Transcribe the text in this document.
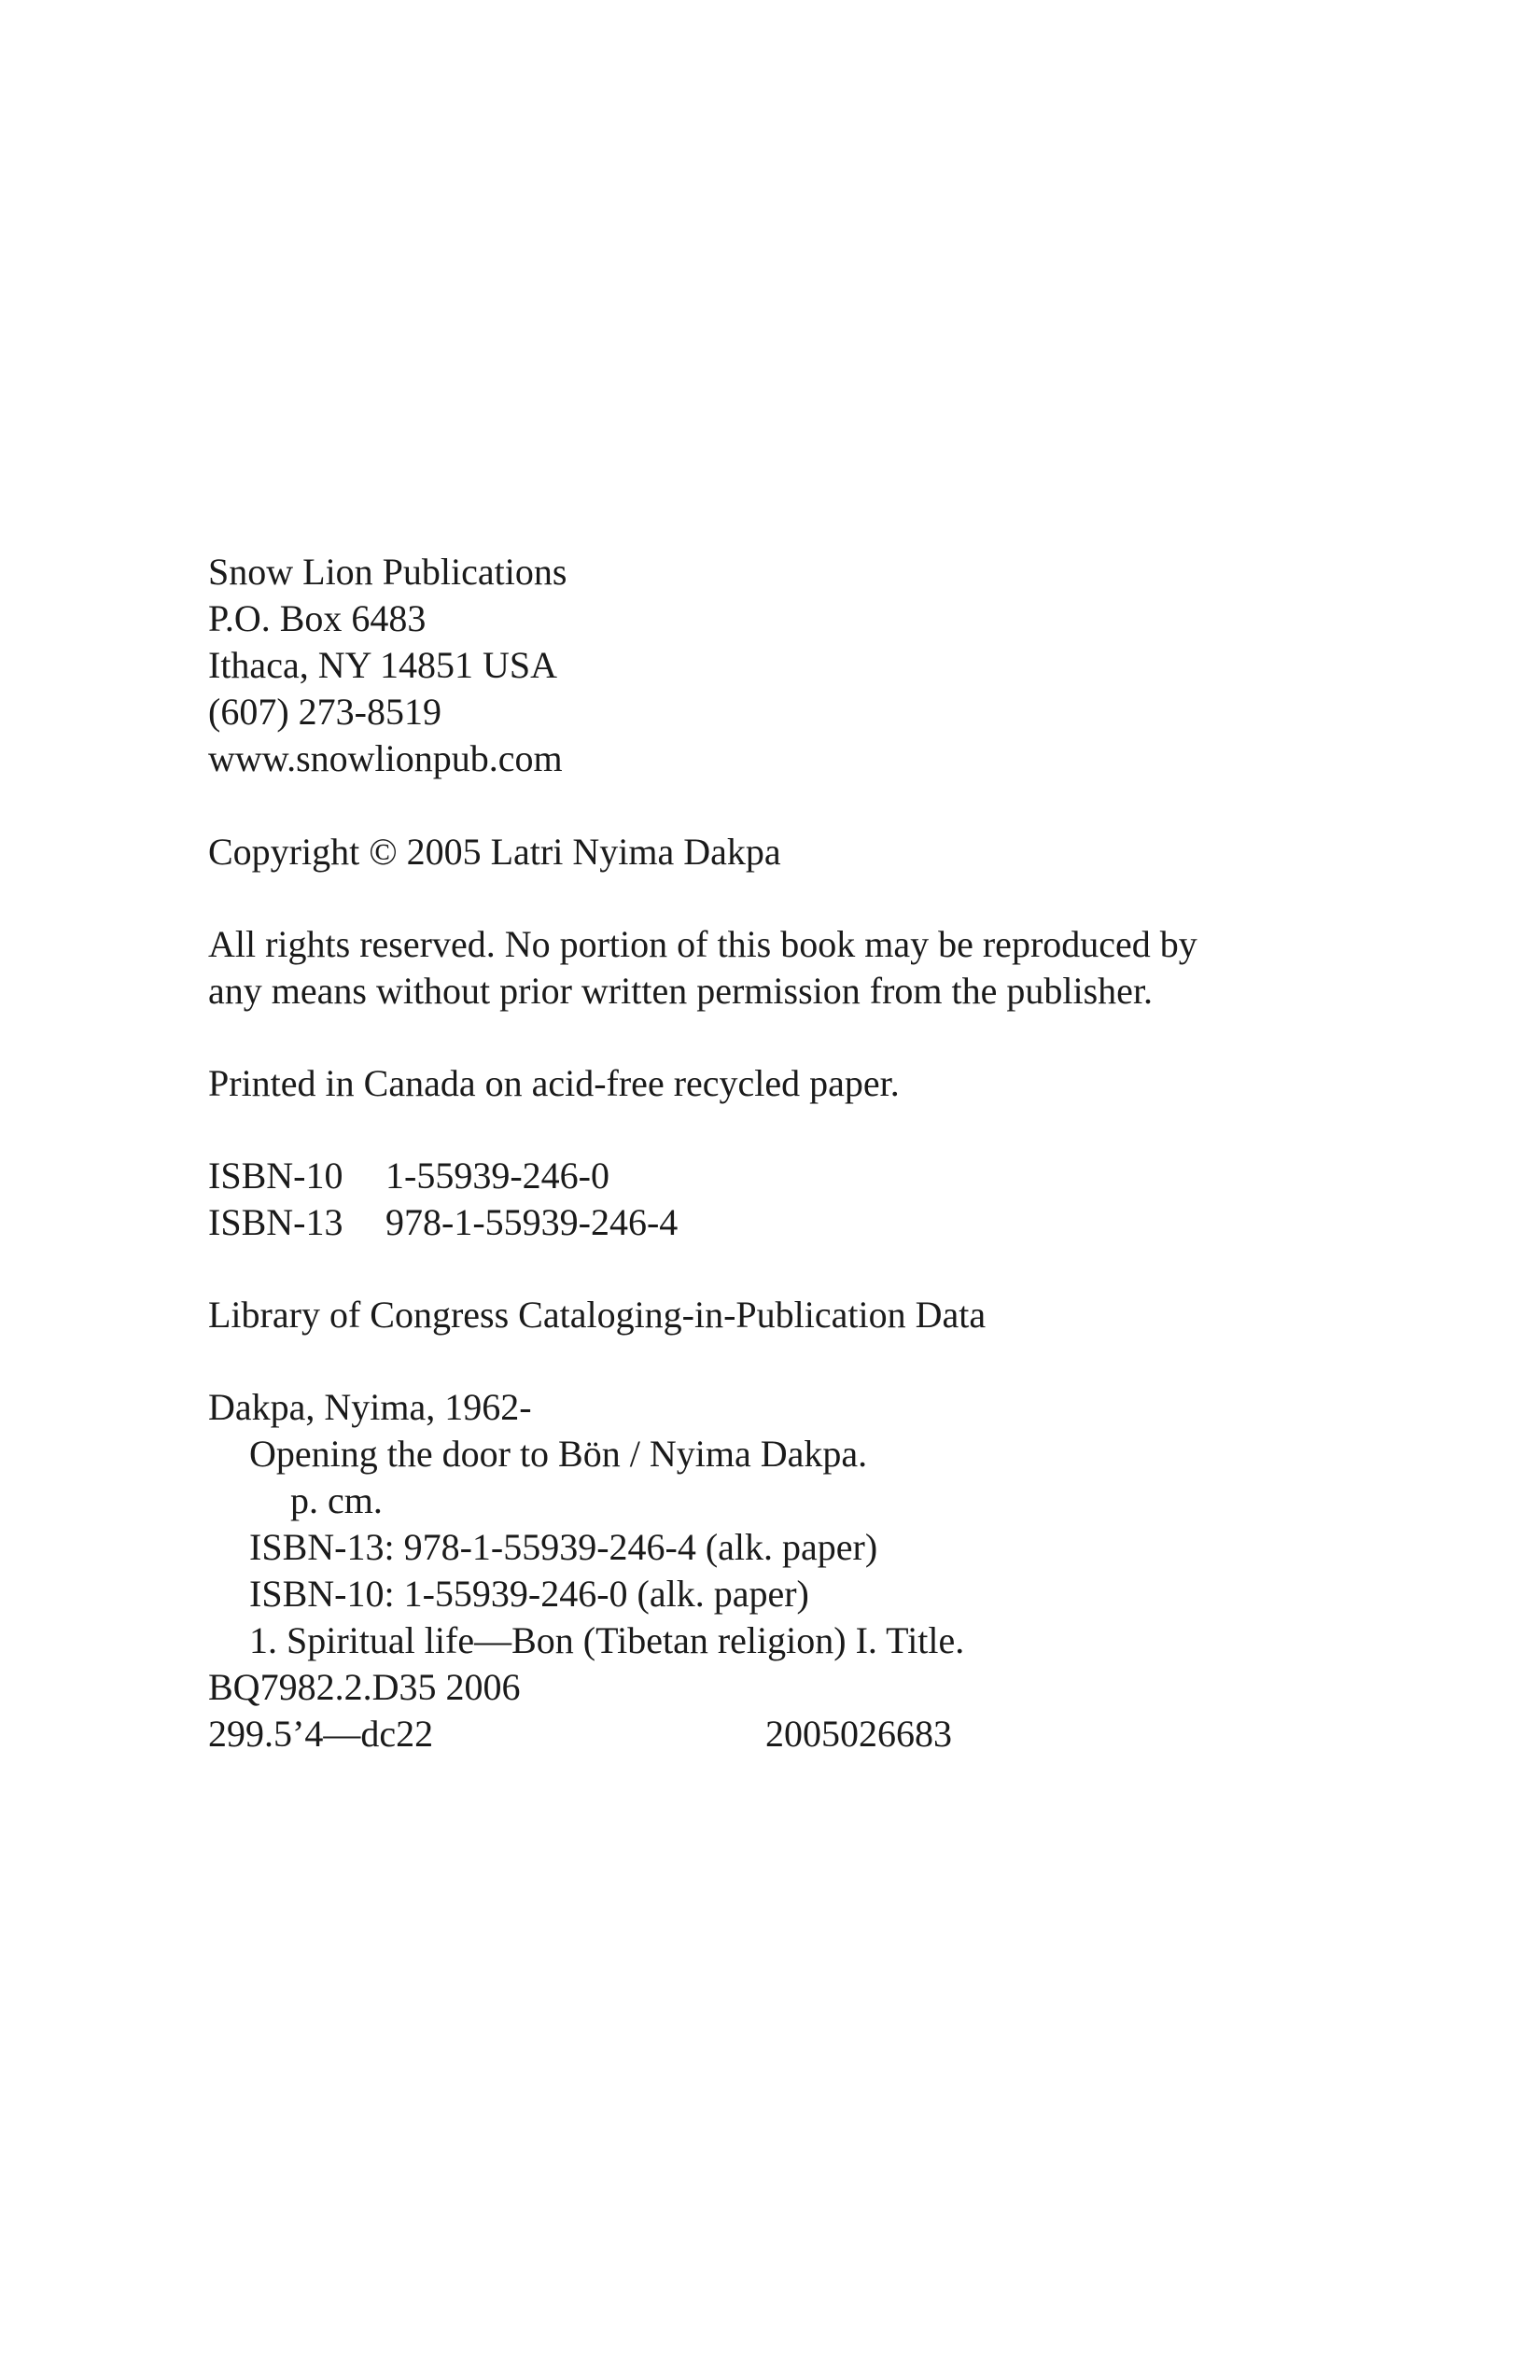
Snow Lion Publications
P.O. Box 6483
Ithaca, NY 14851 USA
(607) 273-8519
www.snowlionpub.com
Copyright © 2005 Latri Nyima Dakpa
All rights reserved. No portion of this book may be reproduced by
any means without prior written permission from the publisher.
Printed in Canada on acid-free recycled paper.
ISBN-10 1-55939-246-0
ISBN-13 978-1-55939-246-4
Library of Congress Cataloging-in-Publication Data
Dakpa, Nyima, 1962-
Opening the door to Bön / Nyima Dakpa.
p. cm.
ISBN-13: 978-1-55939-246-4 (alk. paper)
ISBN-10: 1-55939-246-0 (alk. paper)
1. Spiritual life—Bon (Tibetan religion) I. Title.
BQ7982.2.D35 2006
299.5’4—dc22	2005026683
